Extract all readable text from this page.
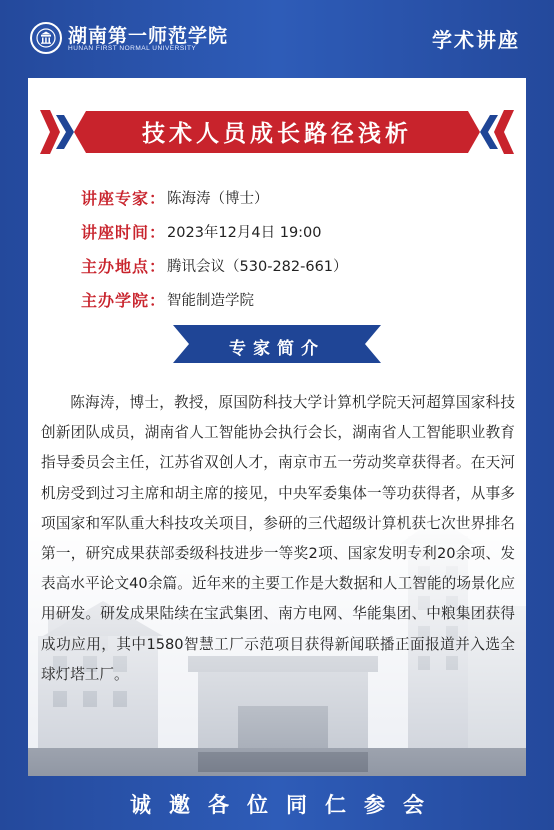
湖南第一师范学院
HUNAN FIRST NORMAL UNIVERSITY	学术讲座
技术人员成长路径浅析
讲座专家 ： 陈海涛（博士）
讲座时间 ： 2023年12月4日 19:00
主办地点 ： 腾讯会议（530-282-661）
主办学院 ： 智能制造学院
专家简介
陈海涛，博士，教授，原国防科技大学计算机学院天河超算国家科技创新团队成员，湖南省人工智能协会执行会长，湖南省人工智能职业教育指导委员会主任，江苏省双创人才，南京市五一劳动奖章获得者。在天河机房受到过习主席和胡主席的接见，中央军委集体一等功获得者，从事多项国家和军队重大科技攻关项目，参研的三代超级计算机获七次世界排名第一，研究成果获部委级科技进步一等奖2项、国家发明专利20余项、发表高水平论文40余篇。近年来的主要工作是大数据和人工智能的场景化应用研发。研发成果陆续在宝武集团、南方电网、华能集团、中粮集团获得成功应用，其中1580智慧工厂示范项目获得新闻联播正面报道并入选全球灯塔工厂。
诚邀各位同仁参会
